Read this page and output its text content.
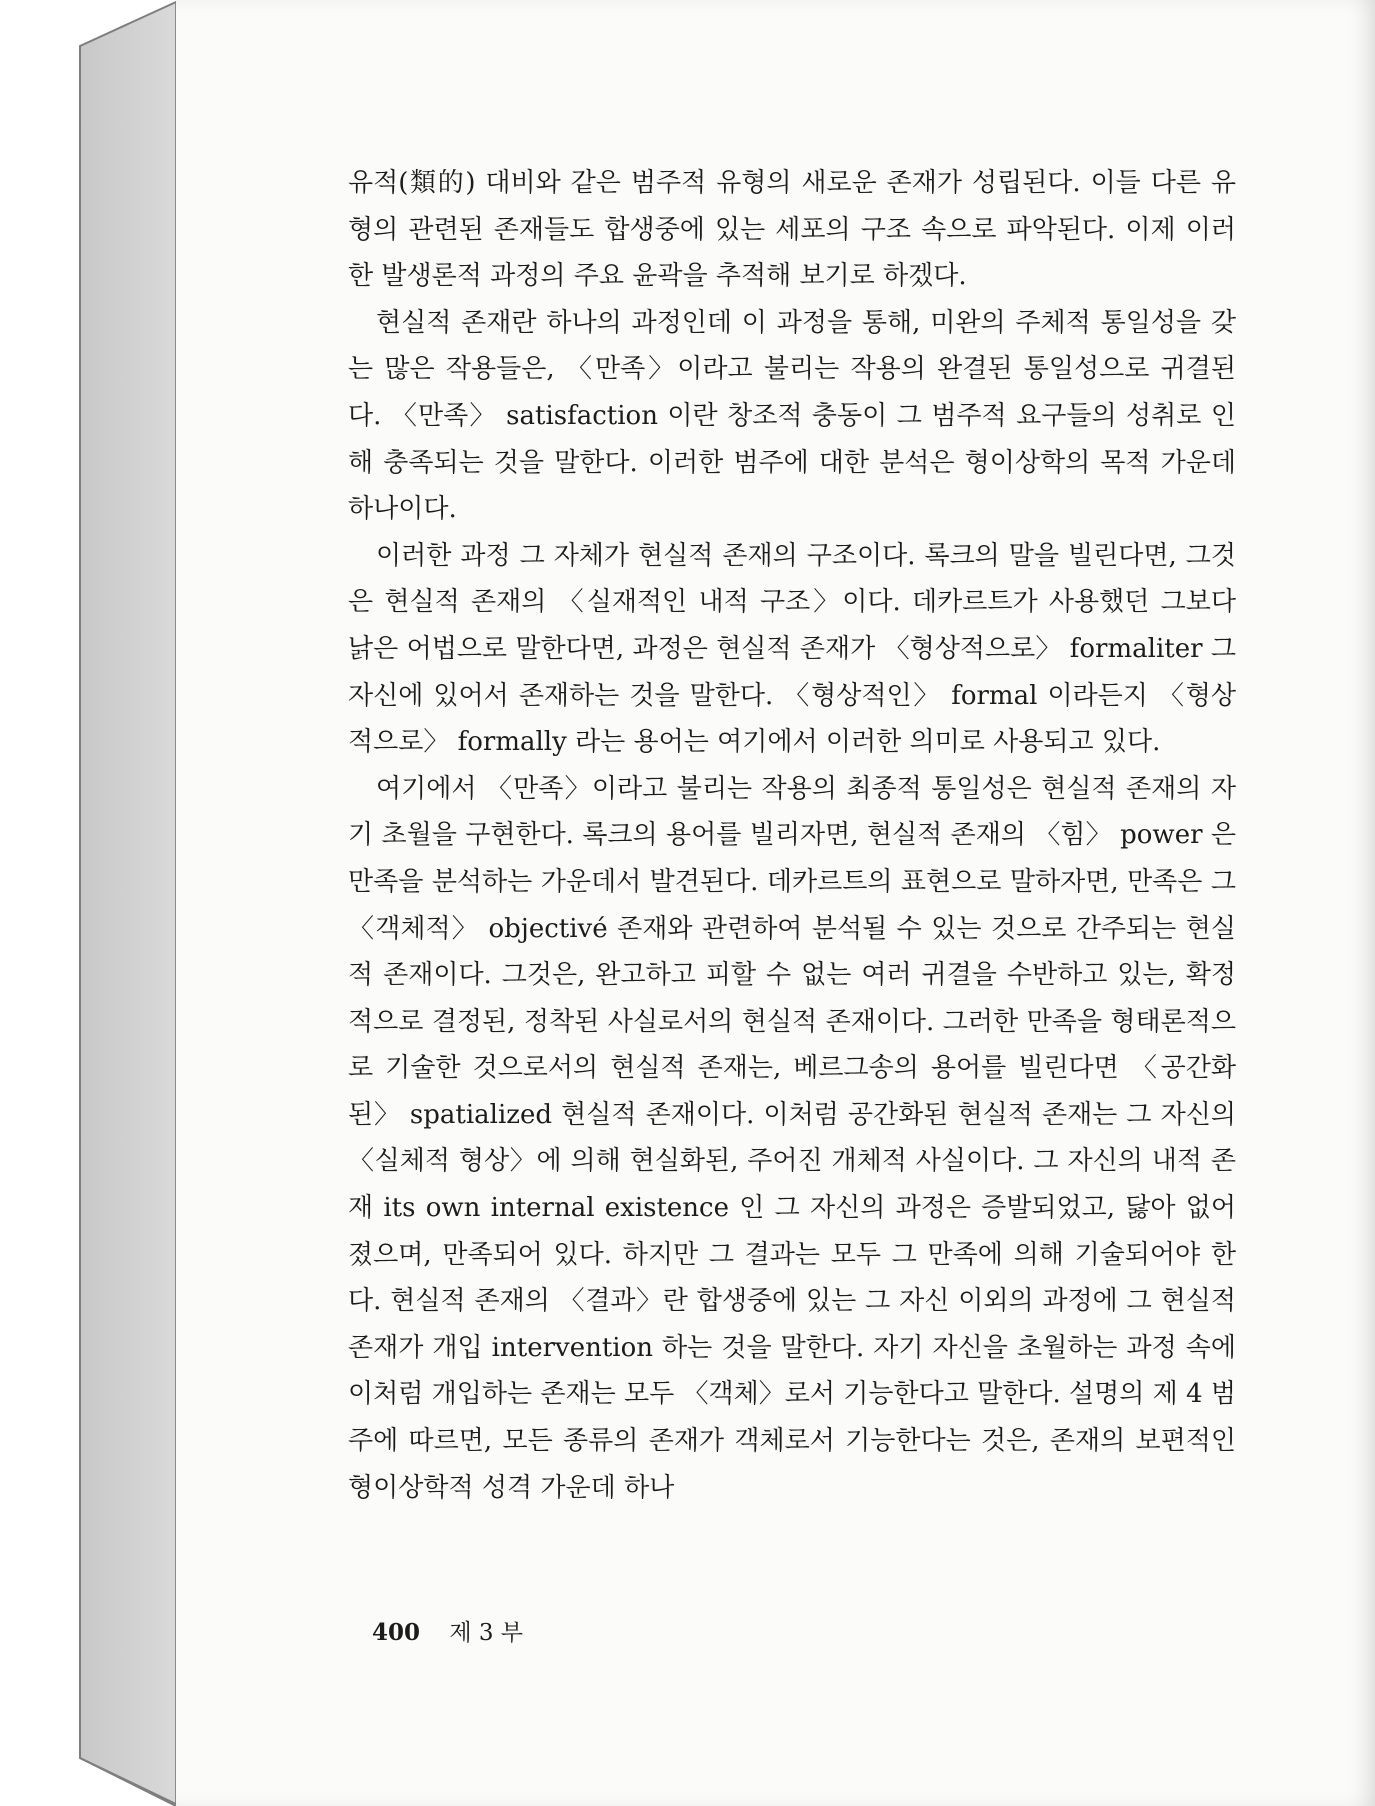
유적(類的) 대비와 같은 범주적 유형의 새로운 존재가 성립된다. 이들 다른 유형의 관련된 존재들도 합생중에 있는 세포의 구조 속으로 파악된다. 이제 이러한 발생론적 과정의 주요 윤곽을 추적해 보기로 하겠다.

현실적 존재란 하나의 과정인데 이 과정을 통해, 미완의 주체적 통일성을 갖는 많은 작용들은, 〈만족〉이라고 불리는 작용의 완결된 통일성으로 귀결된다. 〈만족〉 satisfaction 이란 창조적 충동이 그 범주적 요구들의 성취로 인해 충족되는 것을 말한다. 이러한 범주에 대한 분석은 형이상학의 목적 가운데 하나이다.

이러한 과정 그 자체가 현실적 존재의 구조이다. 록크의 말을 빌린다면, 그것은 현실적 존재의 〈실재적인 내적 구조〉이다. 데카르트가 사용했던 그보다 낡은 어법으로 말한다면, 과정은 현실적 존재가 〈형상적으로〉 formaliter 그 자신에 있어서 존재하는 것을 말한다. 〈형상적인〉 formal 이라든지 〈형상적으로〉 formally 라는 용어는 여기에서 이러한 의미로 사용되고 있다.

여기에서 〈만족〉이라고 불리는 작용의 최종적 통일성은 현실적 존재의 자기 초월을 구현한다. 록크의 용어를 빌리자면, 현실적 존재의 〈힘〉 power 은 만족을 분석하는 가운데서 발견된다. 데카르트의 표현으로 말하자면, 만족은 그 〈객체적〉 objectivé 존재와 관련하여 분석될 수 있는 것으로 간주되는 현실적 존재이다. 그것은, 완고하고 피할 수 없는 여러 귀결을 수반하고 있는, 확정적으로 결정된, 정착된 사실로서의 현실적 존재이다. 그러한 만족을 형태론적으로 기술한 것으로서의 현실적 존재는, 베르그송의 용어를 빌린다면 〈공간화된〉 spatialized 현실적 존재이다. 이처럼 공간화된 현실적 존재는 그 자신의 〈실체적 형상〉에 의해 현실화된, 주어진 개체적 사실이다. 그 자신의 내적 존재 its own internal existence 인 그 자신의 과정은 증발되었고, 닳아 없어졌으며, 만족되어 있다. 하지만 그 결과는 모두 그 만족에 의해 기술되어야 한다. 현실적 존재의 〈결과〉란 합생중에 있는 그 자신 이외의 과정에 그 현실적 존재가 개입 intervention 하는 것을 말한다. 자기 자신을 초월하는 과정 속에 이처럼 개입하는 존재는 모두 〈객체〉로서 기능한다고 말한다. 설명의 제 4 범주에 따르면, 모든 종류의 존재가 객체로서 기능한다는 것은, 존재의 보편적인 형이상학적 성격 가운데 하나

400 제 3 부
